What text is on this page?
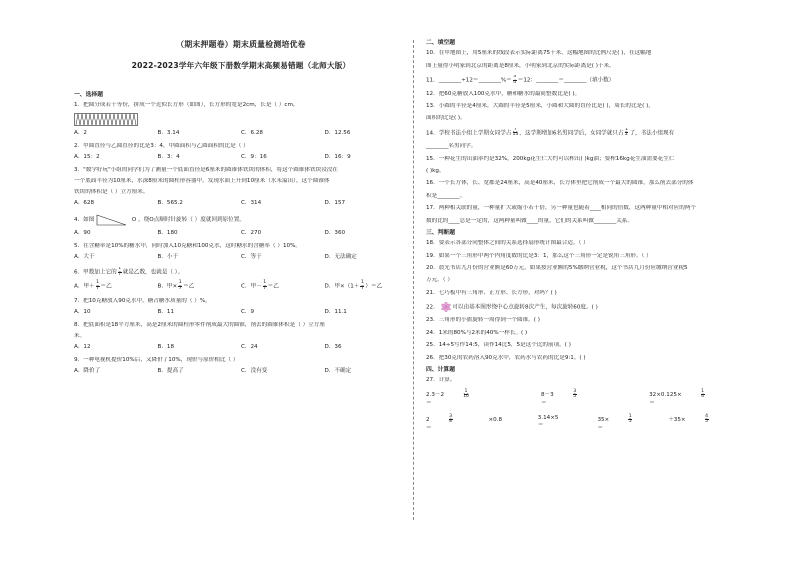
（期末押题卷）期末质量检测培优卷
2022-2023学年六年级下册数学期末高频易错题（北师大版）
一、选择题
1．把圆分成若干等份，拼成一个近似长方形（如图），长方形的宽是2cm，长是（ ）cm。
A．2	B．3.14	C．6.28	D．12.56
2．甲圆直径与乙圆直径的比是3：4，甲圆面积与乙圆面积的比是（ ）
A．15：2	B．3：4	C．9：16	D．16：9
3．"数学好玩"小组的同学们为了测量一个底面直径是6厘米的圆锥体铁块的体积，将这个圆锥体铁块浸没在
一个底面半径为10厘米，水深8厘米的圆柱形容器中，发现水面上升到10厘米（水未溢出），这个圆锥体
铁块的体积是（ ）立方厘米。
A．628	B．565.2	C．314	D．157
4．如图	O ，绕O点顺时针旋转（ ）度就回到原位置。
A．90	B．180	C．270	D．360
5．在含糖率是10%的糖水中，同时加入10克糖和100克水，这时糖水的含糖率（ ）10%。
A．大于	B．小于	C．等于	D．无法确定
6．甲数加上它的 $\frac{1}{7}$ 就是乙数，也就是（ ）。
A．甲＋ $\frac{1}{7}$ ＝乙	B．甲× $\frac{1}{7}$ ＝乙	C．甲－ $\frac{1}{7}$ ＝乙	D．甲$\times(1+ \frac{1}{7}$ ）＝乙
7．把10克糖放入90克水中，糖占糖水质量的（ ）%。
A．10	B．11	C．9	D．11.1
8．把底面积是18平方厘米，高是2厘米的圆柱形零件削成最大的圆锥，削去的圆锥体积是（ ）立方厘
米。
A．12	B．18	C．24	D．36
9．一种电视机提价10%后，又降价了10%，现价与原价相比（ ）
A．降价了	B．提高了	C．没有变	D．不确定
二、填空题
10．在甲地图上，用5厘米的线段表示实际距离75千米，这幅地图的比例尺是( )，在这幅地
图上量得小明家到北京的距离是8厘米，小明家到北京的实际距离是( )千米。
11．________÷12＝________%＝ $\frac{3}{4} =12$：________＝________（填小数）
12．把60克糖放入100克水中，糖和糖水的最简整数比是( )。
13．小圆的半径是4厘米，大圆的半径是5厘米，小圆和大圆的直径比是( )，周长的比是( )，
面积的比是( )。
14．学校书法小组上学期女同学占 $\frac{7}{13}$ ，这学期增加6名男同学后，女同学就只占 $\frac{1}{2}$ 了，书法小组现有
________名男同学。
15．一种花生的出油率约是32%，200kg花生仁大约可以榨出( )kg油；要榨16kg花生油需要花生仁
( )kg。
16．一个长方体，长、宽都是24厘米，高是40厘米，长方体里把它削成一个最大的圆锥，那么削去部分的体
积是________。
17．两种相关联的量，一种量扩大或缩小若干倍，另一种量也随着____相同的倍数，这两种量中相对应的两个
数的比的____总是一定的，这两种量叫做____的量，它们的关系叫做________关系。
三、判断题
18．要表示各部分同整体之间的关系选择扇形统计图最合适。（ ）
19．如果一个三角形中两个内角度数的比是3：1，那么这个三角形一定是锐角三角形。（ ）
20．晨光书店九月份的营业额是60万元，如果按营业额的5%缴纳营业税，这个书店九月份应缴纳营业税5
万元。（ ）
21．七巧板中有三角形、正方形、长方形，对吗？( )
22． 可以由基本图形绕中心点旋转8次产生，每次旋转60度。( )
23．三角形的小旗旋转一周得到一个圆锥。( )
24．1米的80%与2米的40%一样长。( )
25．14÷5写作14:5，读作14比5，5是这个比的前项。( )
26．把30克的农药溶入90克水中，农药水与农药的比是9:1。( )
四、计算题
27．计算。
2.3－2	$\frac{1}{10}$
＝
8－3	$\frac{3}{5}$
＝
32×0.125×	$\frac{1}{4}$
＝
2	$\frac{3}{8}$	×0.8＝
3.14×5＝
35×	$\frac{1}{5}$	＋35×	$\frac{4}{5}$
＝
